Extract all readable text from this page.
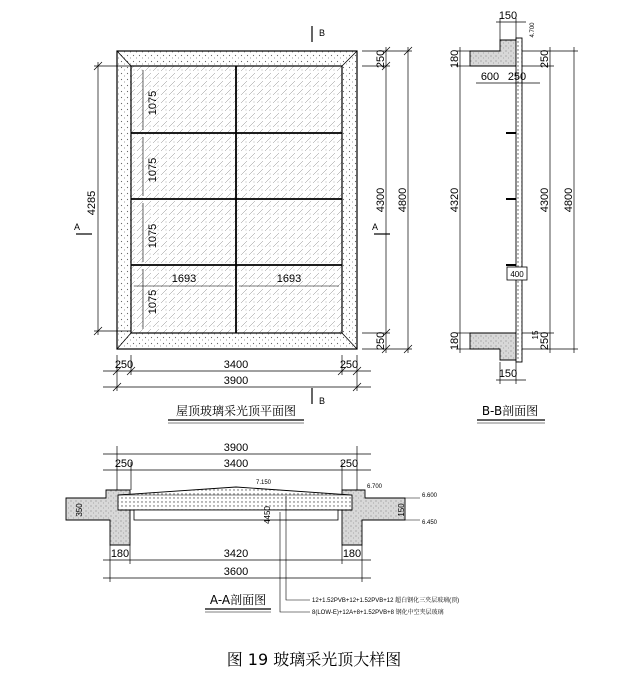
1075
1075
1075
1075
1693	1693
B
B
A	A
250	3400	250
3900
4285
250
4300
250
4800
屋顶玻璃采光顶平面图
400
4.700
180
4320
180
250
4300
250
4800
15
150
600 250
150
B-B剖面图
3900
250	3400	250
7.150
6.700
6.600
6.450
350	150
4450
180	3420	180
3600
12+1.52PVB+12+1.52PVB+12 超白钢化三夹层玻璃(顶)
8(LOW-E)+12A+8+1.52PVB+8 钢化中空夹层玻璃
A-A剖面图
图 19 玻璃采光顶大样图
